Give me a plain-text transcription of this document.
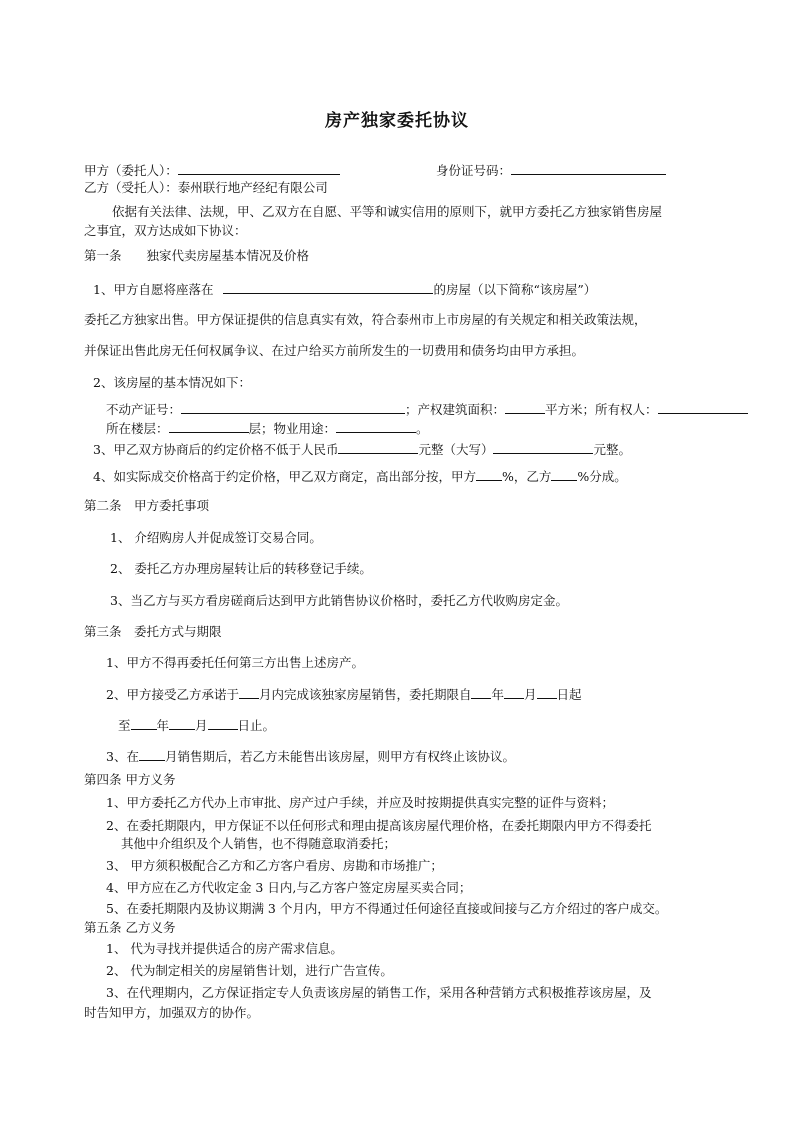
房产独家委托协议
甲方（委托人）：	身份证号码：
乙方（受托人）：泰州联行地产经纪有限公司
依据有关法律、法规，甲、乙双方在自愿、平等和诚实信用的原则下，就甲方委托乙方独家销售房屋
之事宜，双方达成如下协议：
第一条　　独家代卖房屋基本情况及价格
1、甲方自愿将座落在	的房屋（以下简称“该房屋”）
委托乙方独家出售。甲方保证提供的信息真实有效，符合泰州市上市房屋的有关规定和相关政策法规，
并保证出售此房无任何权属争议、在过户给买方前所发生的一切费用和债务均由甲方承担。
2、该房屋的基本情况如下：
不动产证号：	；产权建筑面积：	平方米；所有权人：
所在楼层：	层；物业用途：	。
3、甲乙双方协商后的约定价格不低于人民币	元整（大写）	元整。
4、如实际成交价格高于约定价格，甲乙双方商定，高出部分按，甲方 %，乙方 %分成。
第二条　甲方委托事项
1、 介绍购房人并促成签订交易合同。
2、 委托乙方办理房屋转让后的转移登记手续。
3、当乙方与买方看房磋商后达到甲方此销售协议价格时，委托乙方代收购房定金。
第三条　委托方式与期限
1、甲方不得再委托任何第三方出售上述房产。
2、甲方接受乙方承诺于 月内完成该独家房屋销售，委托期限自 年 月 日起
至 年 月 日止。
3、在 月销售期后，若乙方未能售出该房屋，则甲方有权终止该协议。
第四条 甲方义务
1、甲方委托乙方代办上市审批、房产过户手续，并应及时按期提供真实完整的证件与资料；
2、在委托期限内，甲方保证不以任何形式和理由提高该房屋代理价格，在委托期限内甲方不得委托
其他中介组织及个人销售，也不得随意取消委托；
3、 甲方须积极配合乙方和乙方客户看房、房勘和市场推广；
4、甲方应在乙方代收定金 3 日内,与乙方客户签定房屋买卖合同；
5、在委托期限内及协议期满 3 个月内，甲方不得通过任何途径直接或间接与乙方介绍过的客户成交。
第五条 乙方义务
1、 代为寻找并提供适合的房产需求信息。
2、 代为制定相关的房屋销售计划，进行广告宣传。
3、在代理期内，乙方保证指定专人负责该房屋的销售工作，采用各种营销方式积极推荐该房屋，及
时告知甲方，加强双方的协作。
